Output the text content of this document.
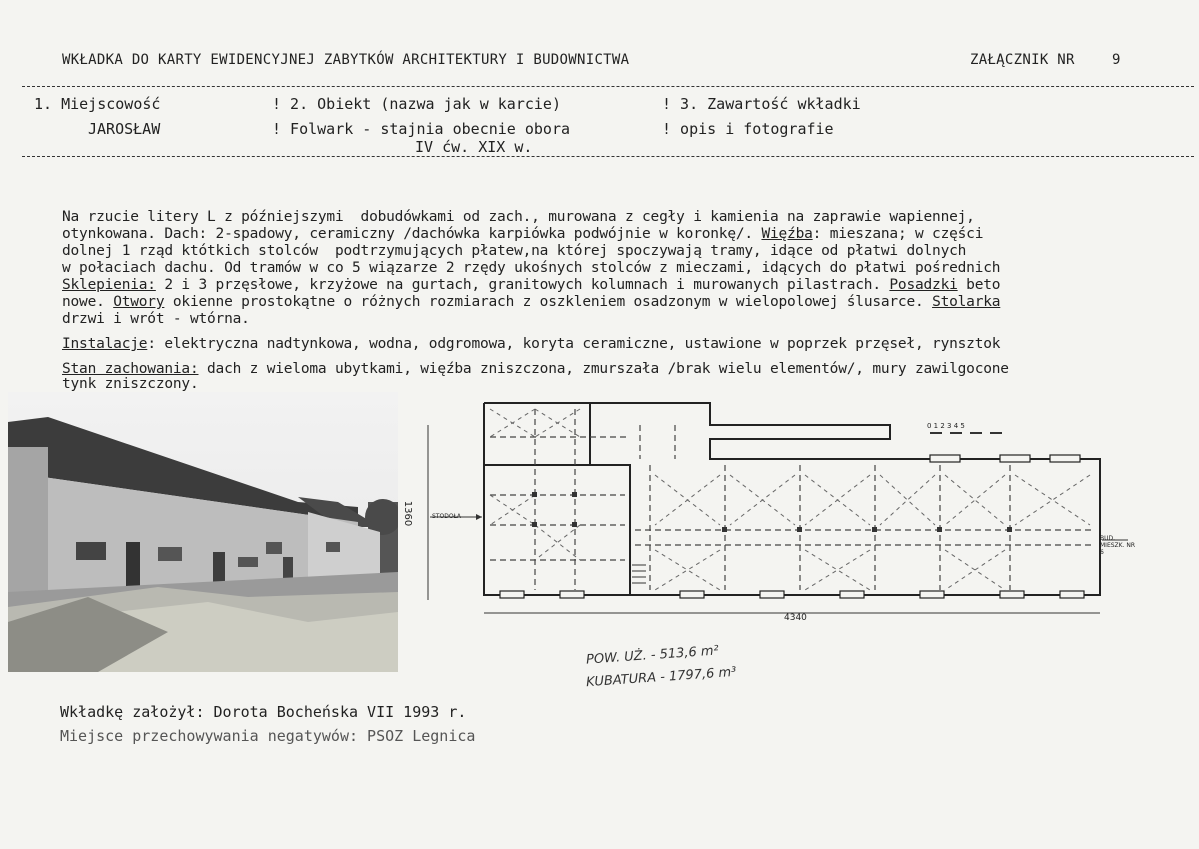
WKŁADKA DO KARTY EWIDENCYJNEJ ZABYTKÓW ARCHITEKTURY I BUDOWNICTWA	ZAŁĄCZNIK NR	9
1. Miejscowość
JAROSŁAW
! 2. Obiekt (nazwa jak w karcie)
! Folwark - stajnia obecnie obora
IV ćw. XIX w.
! 3. Zawartość wkładki
! opis i fotografie
Na rzucie litery L z późniejszymi  dobudówkami od zach., murowana z cegły i kamienia na zaprawie wapiennej,
otynkowana. Dach: 2-spadowy, ceramiczny /dachówka karpiówka podwójnie w koronkę/. Więźba: mieszana; w części
dolnej 1 rząd któtkich stolców  podtrzymujących płatew,na której spoczywają tramy, idące od płatwi dolnych
w połaciach dachu. Od tramów w co 5 wiązarze 2 rzędy ukośnych stolców z mieczami, idących do płatwi pośrednich
Sklepienia: 2 i 3 przęsłowe, krzyżowe na gurtach, granitowych kolumnach i murowanych pilastrach. Posadzki beto
nowe. Otwory okienne prostokątne o różnych rozmiarach z oszkleniem osadzonym w wielopolowej ślusarce. Stolarka
drzwi i wrót - wtórna.
Instalacje: elektryczna nadtynkowa, wodna, odgromowa, koryta ceramiczne, ustawione w poprzek przęseł, rynsztok
Stan zachowania: dach z wieloma ubytkami, więźba zniszczona, zmurszała /brak wielu elementów/, mury zawilgocone
tynk zniszczony.
1360
4340
STODOŁA
BUD. MIESZK. NR 6
0 1 2 3 4 5
POW. UŻ. - 513,6 m²
KUBATURA - 1797,6 m³
Wkładkę założył: Dorota Bocheńska VII 1993 r.
Miejsce przechowywania negatywów: PSOZ Legnica
